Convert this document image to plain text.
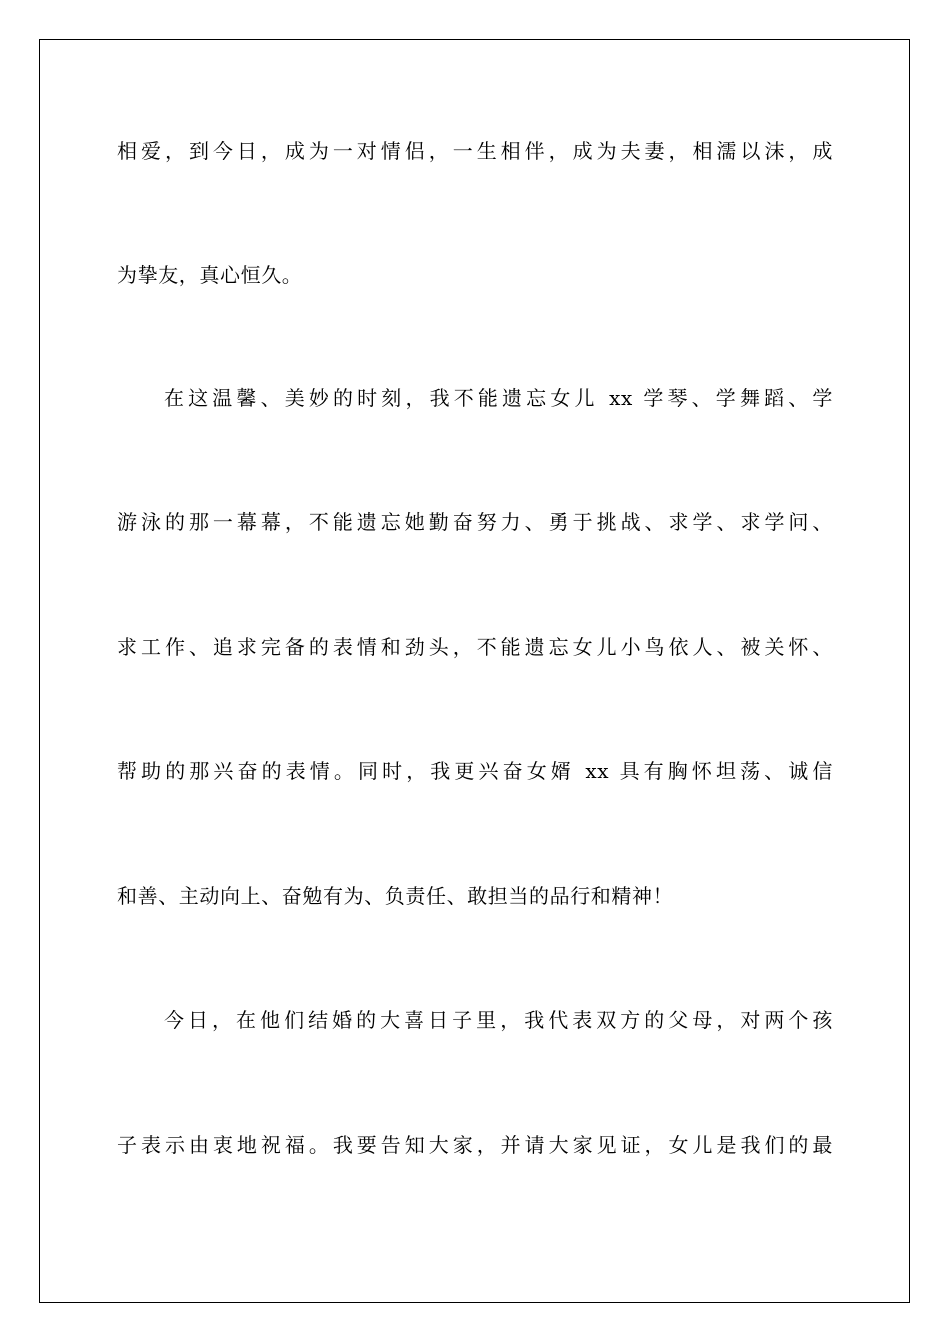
相爱，到今日，成为一对情侣，一生相伴，成为夫妻，相濡以沫，成
为挚友，真心恒久。
在这温馨、美妙的时刻，我不能遗忘女儿 xx 学琴、学舞蹈、学
游泳的那一幕幕，不能遗忘她勤奋努力、勇于挑战、求学、求学问、
求工作、追求完备的表情和劲头，不能遗忘女儿小鸟依人、被关怀、
帮助的那兴奋的表情。同时，我更兴奋女婿 xx 具有胸怀坦荡、诚信
和善、主动向上、奋勉有为、负责任、敢担当的品行和精神！
今日，在他们结婚的大喜日子里，我代表双方的父母，对两个孩
子表示由衷地祝福。我要告知大家，并请大家见证，女儿是我们的最
